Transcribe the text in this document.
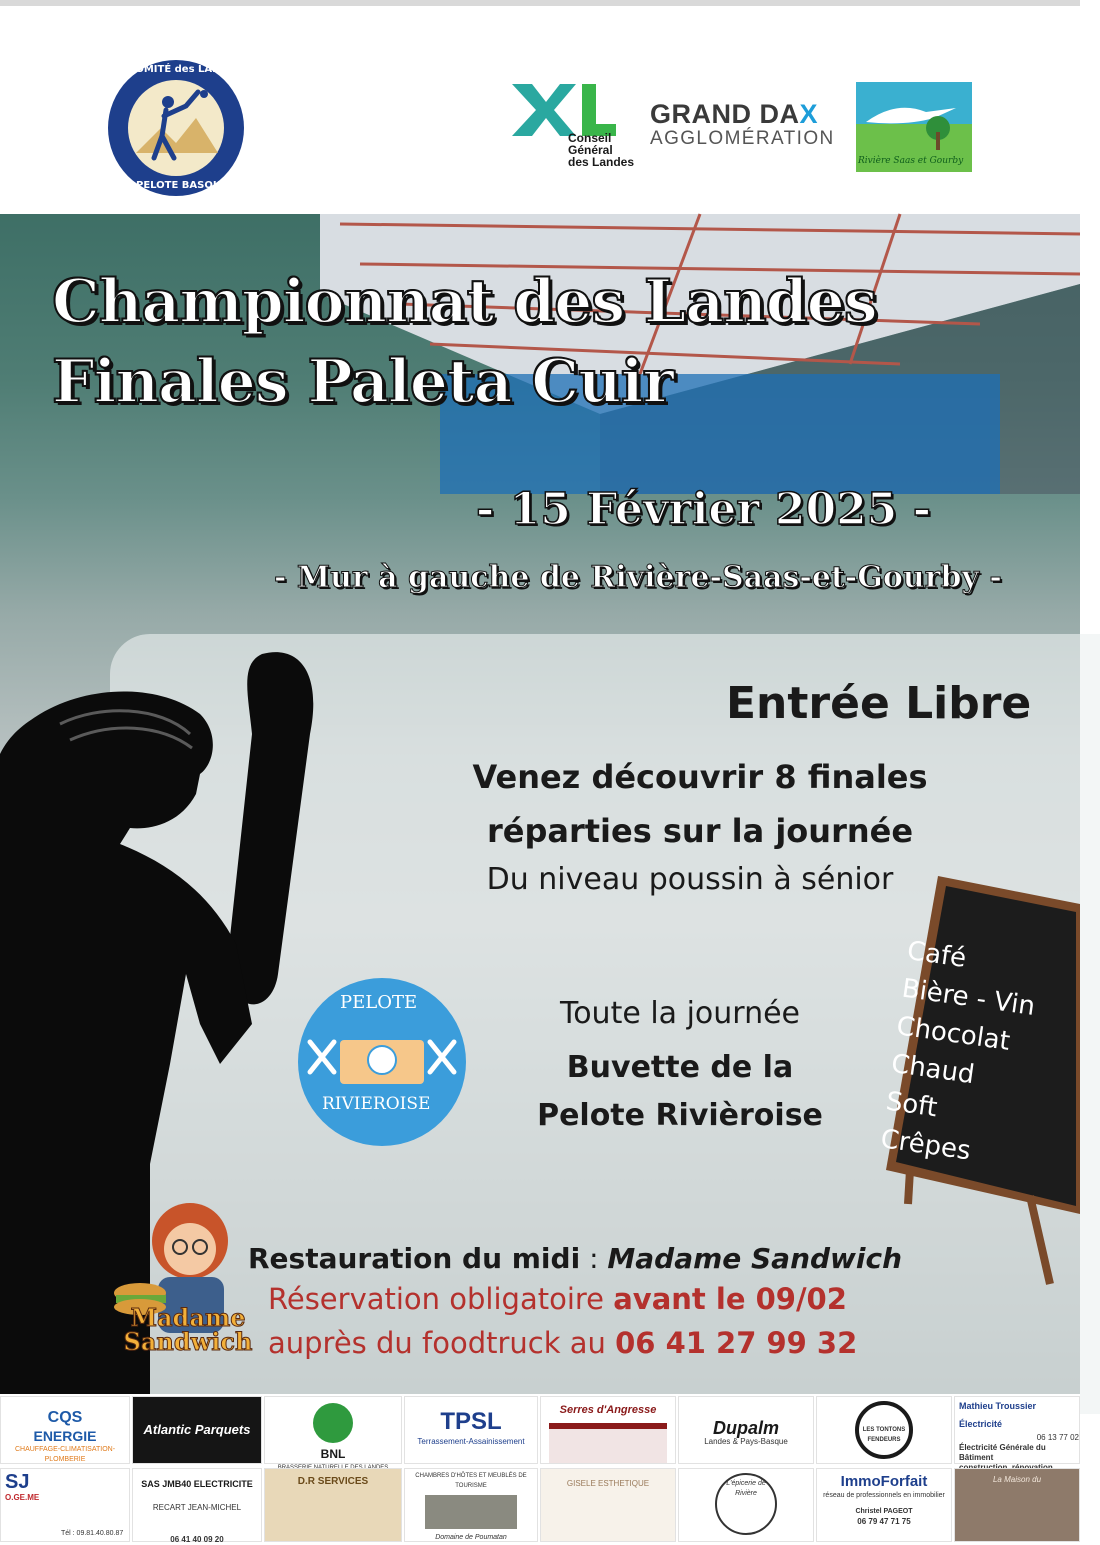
COMITÉ des LANDES
PELOTE BASQUE
Conseil
Général
des Landes
GRAND DAX
AGGLOMÉRATION
Rivière Saas et Gourby
Championnat des Landes
Finales Paleta Cuir
- 15 Février 2025 -
- Mur à gauche de Rivière-Saas-et-Gourby -
Entrée Libre
Venez découvrir 8 finales
réparties sur la journée
Du niveau poussin à sénior
PELOTE
RIVIEROISE
Toute la journée
Buvette de la
Pelote Rivièroise
Café
Bière - Vin
Chocolat
Chaud
Soft
Crêpes
Madame Sandwich
Restauration du midi : Madame Sandwich
Réservation obligatoire avant le 09/02
auprès du foodtruck au 06 41 27 99 32
CQS
ENERGIE
CHAUFFAGE-CLIMATISATION-PLOMBERIE
Atlantic Parquets
BNL
TPSL
Terrassement-Assainissement
Serres d'Angresse
Dupalm
Landes & Pays-Basque
LES TONTONS FENDEURS
Mathieu Troussier Électricité
06 13 77 02
Électricité Générale du Bâtiment
SJ
O.GE.ME
Tél : 09.81.40.80.87
SAS JMB40 ELECTRICITE
RECART JEAN-MICHEL
06 41 40 09 20
D.R SERVICES	CHAMBRES D'HÔTES ET MEUBLÉS DE TOURISME
Domaine de Poumatan
GISELE ESTHETIQUE	L'épicerie de Rivière
ImmoForfait
réseau de professionnels en immobilier
Christel PAGEOT
06 79 47 71 75
La Maison du
